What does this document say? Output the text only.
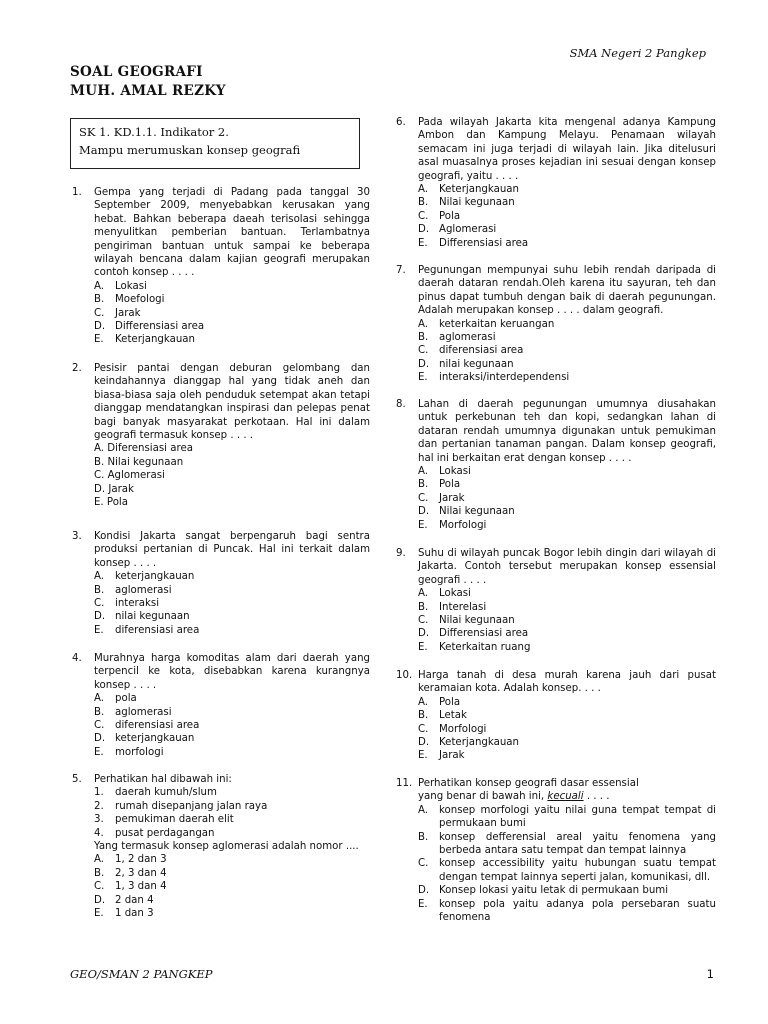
SMA Negeri 2 Pangkep
SOAL GEOGRAFI
MUH. AMAL REZKY
SK 1. KD.1.1. Indikator 2.
Mampu merumuskan konsep geografi
1. Gempa yang terjadi di Padang pada tanggal 30 September 2009, menyebabkan kerusakan yang hebat. Bahkan beberapa daeah terisolasi sehingga menyulitkan pemberian bantuan. Terlambatnya pengiriman bantuan untuk sampai ke beberapa wilayah bencana dalam kajian geografi merupakan contoh konsep . . . .

A. Lokasi
B. Moefologi
C. Jarak
D. Differensiasi area
E. Keterjangkauan
2. Pesisir pantai dengan deburan gelombang dan keindahannya dianggap hal yang tidak aneh dan biasa-biasa saja oleh penduduk setempat akan tetapi dianggap mendatangkan inspirasi dan pelepas penat bagi banyak masyarakat perkotaan. Hal ini dalam geografi termasuk konsep . . . .

A. Diferensiasi area
B. Nilai kegunaan
C. Aglomerasi
D. Jarak
E. Pola
3. Kondisi Jakarta sangat berpengaruh bagi sentra produksi pertanian di Puncak. Hal ini terkait dalam konsep . . . .

A. keterjangkauan
B. aglomerasi
C. interaksi
D. nilai kegunaan
E. diferensiasi area
4. Murahnya harga komoditas alam dari daerah yang terpencil ke kota, disebabkan karena kurangnya konsep . . . .

A. pola
B. aglomerasi
C. diferensiasi area
D. keterjangkauan
E. morfologi
5. Perhatikan hal dibawah ini:

1. daerah kumuh/slum
2. rumah disepanjang jalan raya
3. pemukiman daerah elit
4. pusat perdagangan
Yang termasuk konsep aglomerasi adalah nomor ....
A. 1, 2 dan 3
B. 2, 3 dan 4
C. 1, 3 dan 4
D. 2 dan 4
E. 1 dan 3
6. Pada wilayah Jakarta kita mengenal adanya Kampung Ambon dan Kampung Melayu. Penamaan wilayah semacam ini juga terjadi di wilayah lain. Jika ditelusuri asal muasalnya proses kejadian ini sesuai dengan konsep geografi, yaitu . . . .

A. Keterjangkauan
B. Nilai kegunaan
C. Pola
D. Aglomerasi
E. Differensiasi area
7. Pegunungan mempunyai suhu lebih rendah daripada di daerah dataran rendah.Oleh karena itu sayuran, teh dan pinus dapat tumbuh dengan baik di daerah pegunungan. Adalah merupakan konsep . . . . dalam geografi.

A. keterkaitan keruangan
B. aglomerasi
C. diferensiasi area
D. nilai kegunaan
E. interaksi/interdependensi
8. Lahan di daerah pegunungan umumnya diusahakan untuk perkebunan teh dan kopi, sedangkan lahan di dataran rendah umumnya digunakan untuk pemukiman dan pertanian tanaman pangan. Dalam konsep geografi, hal ini berkaitan erat dengan konsep . . . .

A. Lokasi
B. Pola
C. Jarak
D. Nilai kegunaan
E. Morfologi
9. Suhu di wilayah puncak Bogor lebih dingin dari wilayah di Jakarta. Contoh tersebut merupakan konsep essensial geografi . . . .

A. Lokasi
B. Interelasi
C. Nilai kegunaan
D. Differensiasi area
E. Keterkaitan ruang
10. Harga tanah di desa murah karena jauh dari pusat keramaian kota. Adalah konsep. . . .

A. Pola
B. Letak
C. Morfologi
D. Keterjangkauan
E. Jarak
11. Perhatikan konsep geografi dasar essensial
yang benar di bawah ini, kecuali . . . .
A. konsep morfologi yaitu nilai guna tempat tempat di permukaan bumi
B. konsep defferensial areal yaitu fenomena yang berbeda antara satu tempat dan tempat lainnya
C. konsep accessibility yaitu hubungan suatu tempat dengan tempat lainnya seperti jalan, komunikasi, dll.
D. Konsep lokasi yaitu letak di permukaan bumi
E. konsep pola yaitu adanya pola persebaran suatu fenomena
GEO/SMAN 2 PANGKEP	1
